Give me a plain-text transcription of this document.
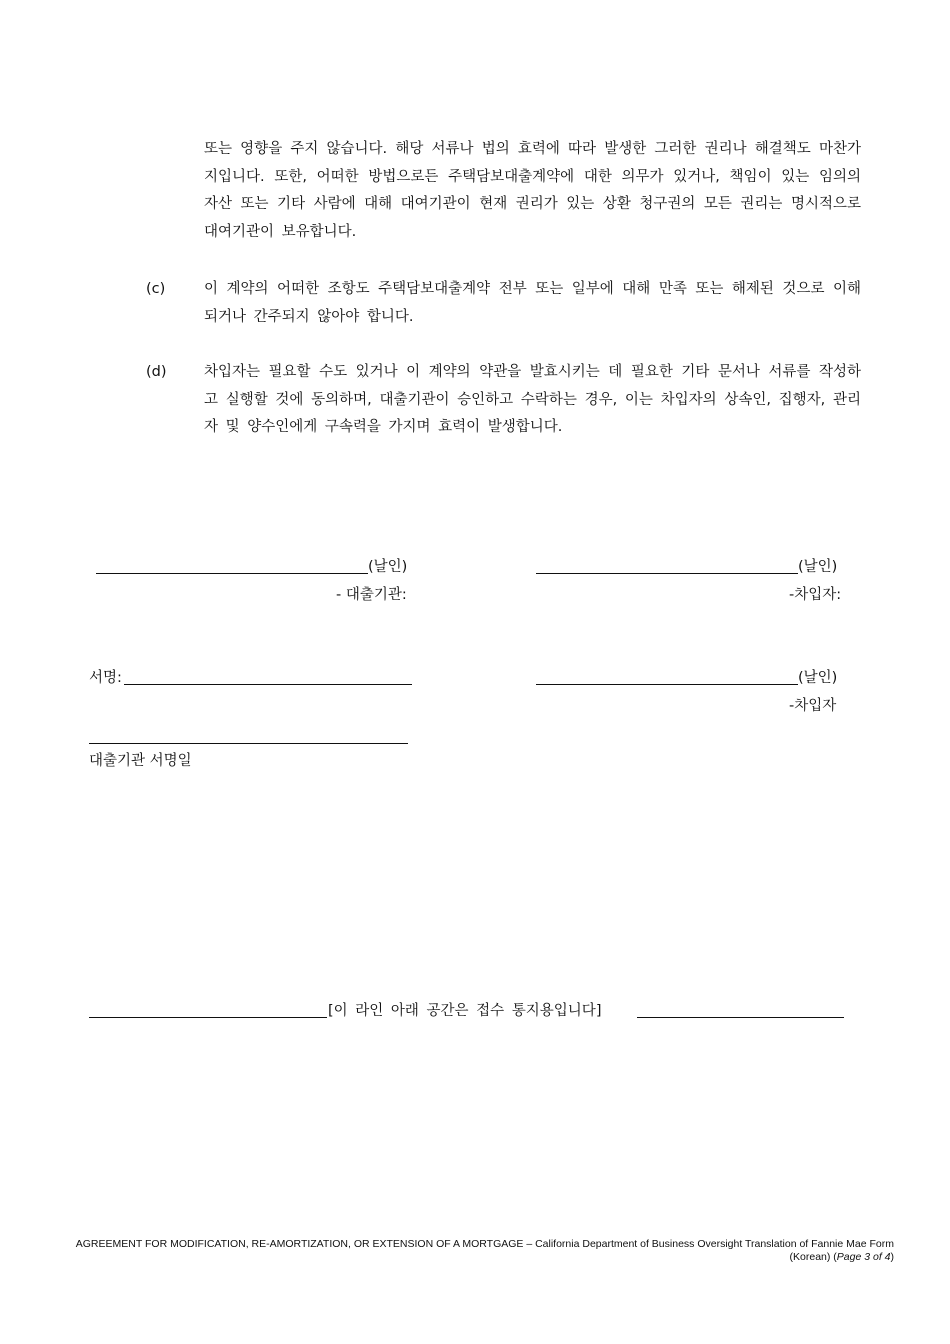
또는 영향을 주지 않습니다. 해당 서류나 법의 효력에 따라 발생한 그러한 권리나 해결책도 마찬가지입니다. 또한, 어떠한 방법으로든 주택담보대출계약에 대한 의무가 있거나, 책임이 있는 임의의 자산 또는 기타 사람에 대해 대여기관이 현재 권리가 있는 상환 청구권의 모든 권리는 명시적으로 대여기관이 보유합니다.

(c)	이 계약의 어떠한 조항도 주택담보대출계약 전부 또는 일부에 대해 만족 또는 해제된 것으로 이해되거나 간주되지 않아야 합니다.

(d)	차입자는 필요할 수도 있거나 이 계약의 약관을 발효시키는 데 필요한 기타 문서나 서류를 작성하고 실행할 것에 동의하며, 대출기관이 승인하고 수락하는 경우, 이는 차입자의 상속인, 집행자, 관리자 및 양수인에게 구속력을 가지며 효력이 발생합니다.

(날인)
- 대출기관:
(날인)
-차입자:
서명:	(날인)
-차입자
대출기관 서명일
[이 라인 아래 공간은 접수 통지용입니다]
AGREEMENT FOR MODIFICATION, RE-AMORTIZATION, OR EXTENSION OF A MORTGAGE – California Department of Business Oversight Translation of Fannie Mae Form
(Korean) (Page 3 of 4)
